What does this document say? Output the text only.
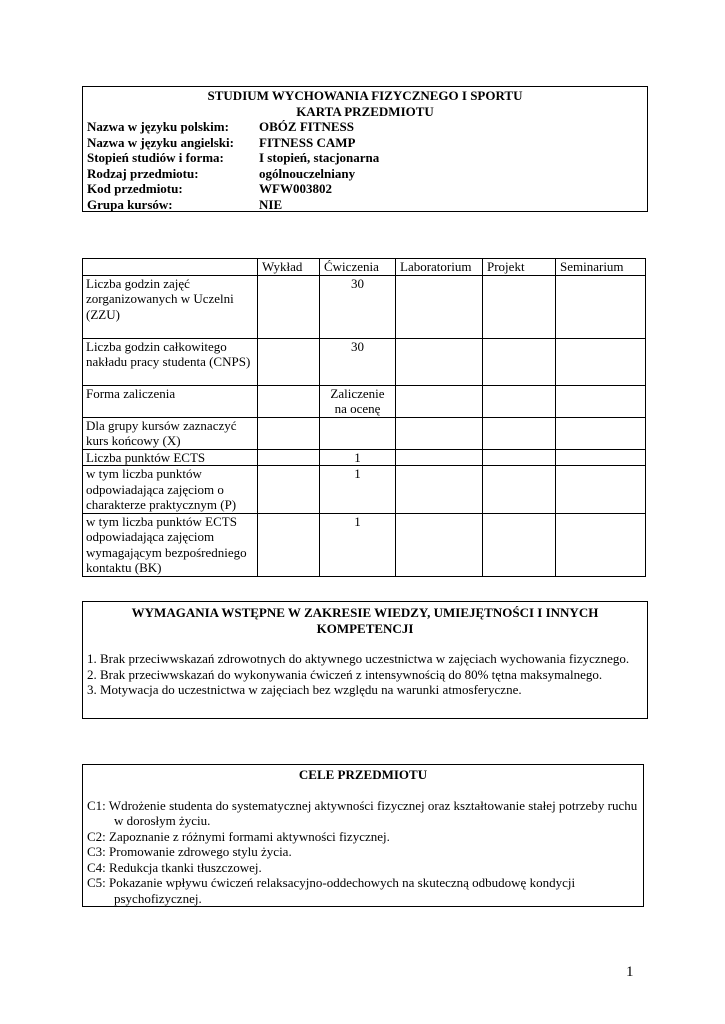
STUDIUM WYCHOWANIA FIZYCZNEGO I SPORTU
KARTA PRZEDMIOTU
Nazwa w języku polskim:	OBÓZ FITNESS
Nazwa w języku angielski:	FITNESS CAMP
Stopień studiów i forma:	I stopień, stacjonarna
Rodzaj przedmiotu:	ogólnouczelniany
Kod przedmiotu:	WFW003802
Grupa kursów:	NIE
	Wykład	Ćwiczenia	Laboratorium	Projekt	Seminarium
Liczba godzin zajęć zorganizowanych w Uczelni (ZZU)		30			
Liczba godzin całkowitego nakładu pracy studenta (CNPS)		30			
Forma zaliczenia		Zaliczenie na ocenę			
Dla grupy kursów zaznaczyć kurs końcowy (X)					
Liczba punktów ECTS		1			
w tym liczba punktów odpowiadająca zajęciom o charakterze praktycznym (P)		1			
w tym liczba punktów ECTS odpowiadająca zajęciom wymagającym bezpośredniego kontaktu (BK)		1			
WYMAGANIA WSTĘPNE W ZAKRESIE WIEDZY, UMIEJĘTNOŚCI I INNYCH KOMPETENCJI
1. Brak przeciwwskazań zdrowotnych do aktywnego uczestnictwa w zajęciach wychowania fizycznego.
2. Brak przeciwwskazań do wykonywania ćwiczeń z intensywnością do 80% tętna maksymalnego.
3. Motywacja do uczestnictwa w zajęciach bez względu na warunki atmosferyczne.
CELE PRZEDMIOTU
C1: Wdrożenie studenta do systematycznej aktywności fizycznej oraz kształtowanie stałej potrzeby ruchu w dorosłym życiu.
C2: Zapoznanie z różnymi formami aktywności fizycznej.
C3: Promowanie zdrowego stylu życia.
C4: Redukcja tkanki tłuszczowej.
C5: Pokazanie wpływu ćwiczeń relaksacyjno-oddechowych na skuteczną odbudowę kondycji psychofizycznej.
1
